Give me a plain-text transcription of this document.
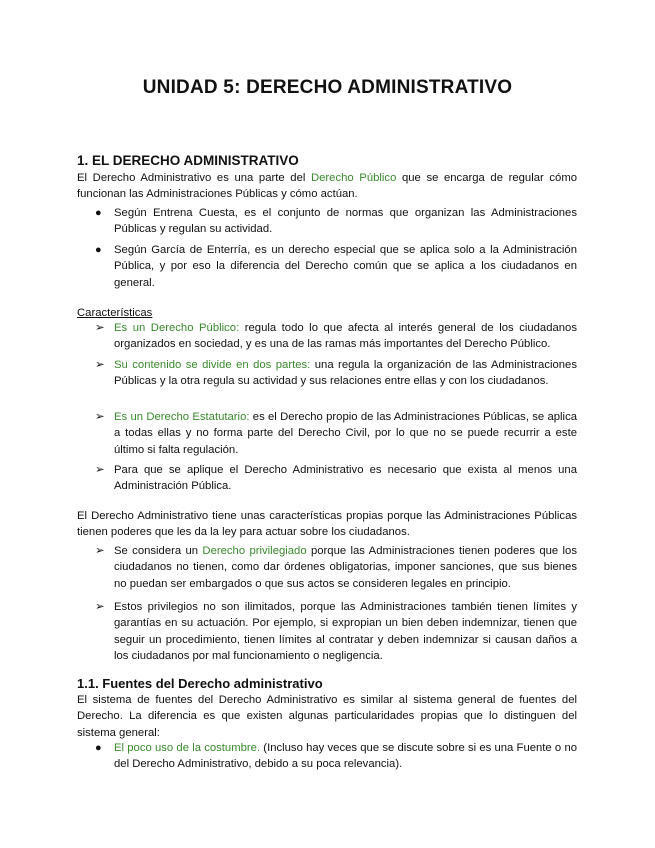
UNIDAD 5: DERECHO ADMINISTRATIVO
1. EL DERECHO ADMINISTRATIVO
El Derecho Administrativo es una parte del Derecho Público que se encarga de regular cómo funcionan las Administraciones Públicas y cómo actúan.
● Según Entrena Cuesta, es el conjunto de normas que organizan las Administraciones Públicas y regulan su actividad.
● Según García de Enterría, es un derecho especial que se aplica solo a la Administración Pública, y por eso la diferencia del Derecho común que se aplica a los ciudadanos en general.
Características
➢ Es un Derecho Público: regula todo lo que afecta al interés general de los ciudadanos organizados en sociedad, y es una de las ramas más importantes del Derecho Público.
➢ Su contenido se divide en dos partes: una regula la organización de las Administraciones Públicas y la otra regula su actividad y sus relaciones entre ellas y con los ciudadanos.
➢ Es un Derecho Estatutario: es el Derecho propio de las Administraciones Públicas, se aplica a todas ellas y no forma parte del Derecho Civil, por lo que no se puede recurrir a este último si falta regulación.
➢ Para que se aplique el Derecho Administrativo es necesario que exista al menos una Administración Pública.
El Derecho Administrativo tiene unas características propias porque las Administraciones Públicas tienen poderes que les da la ley para actuar sobre los ciudadanos.
➢ Se considera un Derecho privilegiado porque las Administraciones tienen poderes que los ciudadanos no tienen, como dar órdenes obligatorias, imponer sanciones, que sus bienes no puedan ser embargados o que sus actos se consideren legales en principio.
➢ Estos privilegios no son ilimitados, porque las Administraciones también tienen límites y garantías en su actuación. Por ejemplo, si expropian un bien deben indemnizar, tienen que seguir un procedimiento, tienen límites al contratar y deben indemnizar si causan daños a los ciudadanos por mal funcionamiento o negligencia.
1.1. Fuentes del Derecho administrativo
El sistema de fuentes del Derecho Administrativo es similar al sistema general de fuentes del Derecho. La diferencia es que existen algunas particularidades propias que lo distinguen del sistema general:
● El poco uso de la costumbre. (Incluso hay veces que se discute sobre si es una Fuente o no del Derecho Administrativo, debido a su poca relevancia).
